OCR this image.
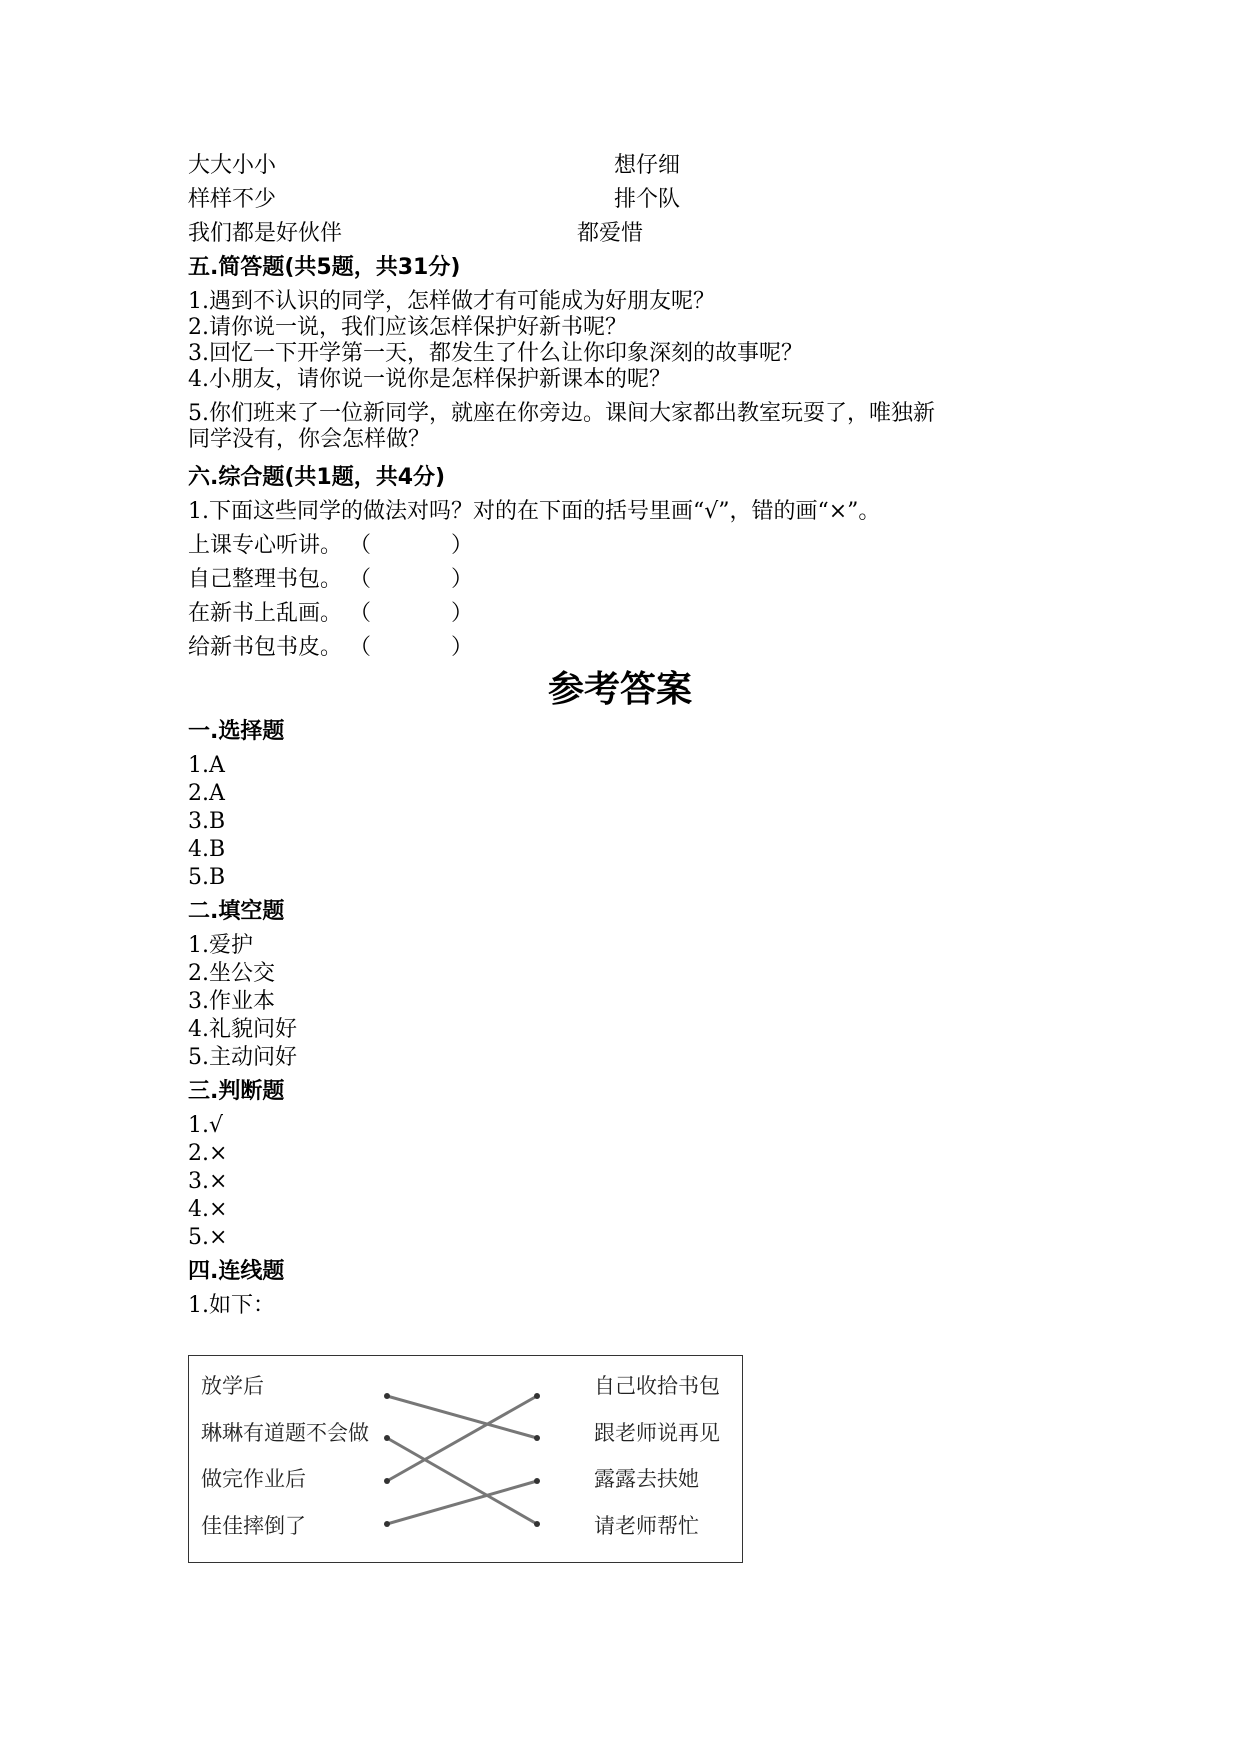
大大小小	想仔细
样样不少	排个队
我们都是好伙伴	都爱惜
五.简答题(共5题，共31分)
1.遇到不认识的同学，怎样做才有可能成为好朋友呢？
2.请你说一说，我们应该怎样保护好新书呢？
3.回忆一下开学第一天，都发生了什么让你印象深刻的故事呢？
4.小朋友，请你说一说你是怎样保护新课本的呢？
5.你们班来了一位新同学，就座在你旁边。课间大家都出教室玩耍了，唯独新
同学没有，你会怎样做？
六.综合题(共1题，共4分)
1.下面这些同学的做法对吗？对的在下面的括号里画“√”，错的画“×”。
上课专心听讲。 （	）
自己整理书包。 （	）
在新书上乱画。 （	）
给新书包书皮。 （	）
参考答案
一.选择题
1.A
2.A
3.B
4.B
5.B
二.填空题
1.爱护
2.坐公交
3.作业本
4.礼貌问好
5.主动问好
三.判断题
1.√
2.×
3.×
4.×
5.×
四.连线题
1.如下：
放学后
琳琳有道题不会做
做完作业后
佳佳摔倒了
自己收拾书包
跟老师说再见
露露去扶她
请老师帮忙
